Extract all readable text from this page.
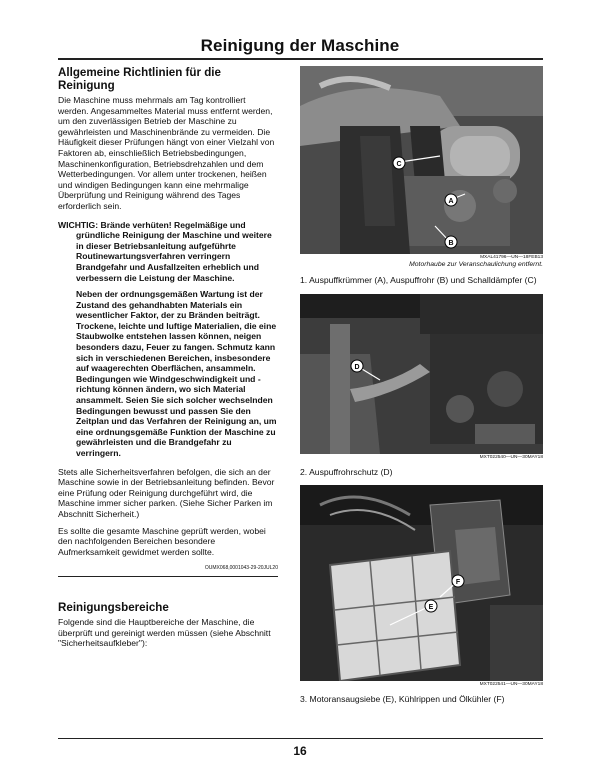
Reinigung der Maschine
Allgemeine Richtlinien für die Reinigung

Die Maschine muss mehrmals am Tag kontrolliert werden. Angesammeltes Material muss entfernt werden, um den zuverlässigen Betrieb der Maschine zu gewährleisten und Maschinenbrände zu vermeiden. Die Häufigkeit dieser Prüfungen hängt von einer Vielzahl von Faktoren ab, einschließlich Betriebsbedingungen, Maschinenkonfiguration, Betriebsdrehzahlen und dem Wetterbedingungen. Vor allem unter trockenen, heißen und windigen Bedingungen kann eine mehrmalige Überprüfung und Reinigung während des Tages erforderlich sein.

WICHTIG: Brände verhüten! Regelmäßige und
gründliche Reinigung der Maschine und weitere in dieser Betriebsanleitung aufgeführte Routinewartungsverfahren verringern Brandgefahr und Ausfallzeiten erheblich und verbessern die Leistung der Maschine.

Neben der ordnungsgemäßen Wartung ist der Zustand des gehandhabten Materials ein wesentlicher Faktor, der zu Bränden beiträgt. Trockene, leichte und luftige Materialien, die eine Staubwolke entstehen lassen können, neigen besonders dazu, Feuer zu fangen. Schmutz kann sich in verschiedenen Bereichen, insbesondere auf waagerechten Oberflächen, ansammeln. Bedingungen wie Windgeschwindigkeit und -richtung können ändern, wo sich Material ansammelt. Seien Sie sich solcher wechselnden Bedingungen bewusst und passen Sie den Zeitplan und das Verfahren der Reinigung an, um eine ordnungsgemäße Funktion der Maschine zu gewährleisten und die Brandgefahr zu verringern.

Stets alle Sicherheitsverfahren befolgen, die sich an der Maschine sowie in der Betriebsanleitung befinden. Bevor eine Prüfung oder Reinigung durchgeführt wird, die Maschine immer sicher parken. (Siehe Sicher Parken im Abschnitt Sicherheit.)

Es sollte die gesamte Maschine geprüft werden, wobei den nachfolgenden Bereichen besondere Aufmerksamkeit gewidmet werden sollte.

OUMX068,0001043-29-20JUL20
Reinigungsbereiche

Folgende sind die Hauptbereiche der Maschine, die überprüft und gereinigt werden müssen (siehe Abschnitt "Sicherheitsaufkleber"):

C
A
B
MXAL41796—UN—18FEB13
Motorhaube zur Veranschaulichung entfernt.
1. Auspuffkrümmer (A), Auspuffrohr (B) und Schalldämpfer (C)
D
MXT022540—UN—30MAY18
2. Auspuffrohrschutz (D)
F
E
MXT022541—UN—30MAY18
3. Motoransaugsiebe (E), Kühlrippen und Ölkühler (F)
16
